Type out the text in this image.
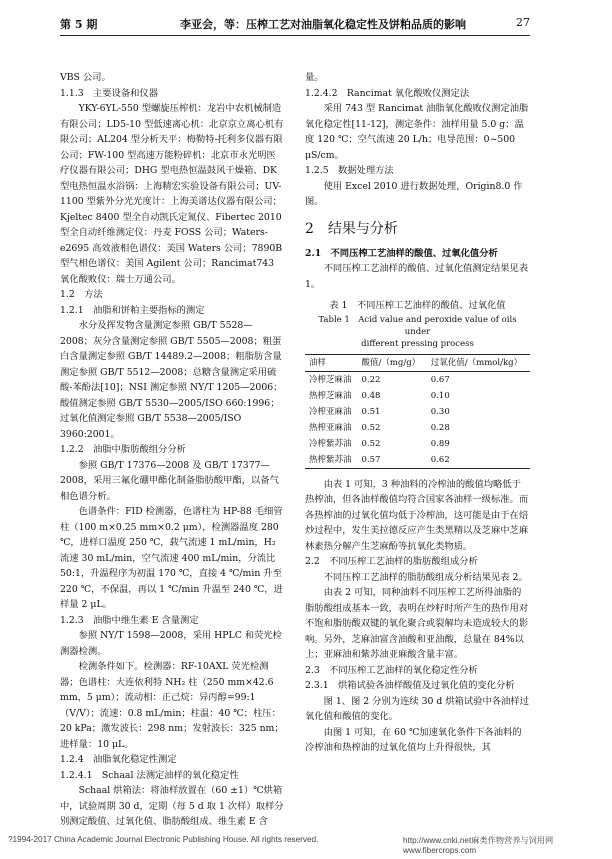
第 5 期	李亚会，等：压榨工艺对油脂氧化稳定性及饼粕品质的影响	27

VBS 公司。

1.1.3　主要设备和仪器

YKY-6YL-550 型螺旋压榨机：龙岩中农机械制造有限公司；LD5-10 型低速离心机：北京京立离心机有限公司；AL204 型分析天平：梅勒特-托利多仪器有限公司；FW-100 型高速万能粉碎机：北京市永光明医疗仪器有限公司；DHG 型电热恒温鼓风干燥箱、DK 型电热恒温水浴锅：上海精宏实验设备有限公司；UV-1100 型紫外分光光度计：上海美谱达仪器有限公司；Kjeltec 8400 型全自动凯氏定氮仪、Fibertec 2010 型全自动纤维测定仪：丹麦 FOSS 公司；Waters-e2695 高效液相色谱仪：美国 Waters 公司；7890B 型气相色谱仪：美国 Agilent 公司；Rancimat743 氧化酸败仪：瑞士万通公司。

1.2　方法

1.2.1　油脂和饼粕主要指标的测定

水分及挥发物含量测定参照 GB/T 5528—2008；灰分含量测定参照 GB/T 5505—2008；粗蛋白含量测定参照 GB/T 14489.2—2008；粗脂肪含量测定参照 GB/T 5512—2008；总糖含量测定采用硫酸-苯酚法[10]；NSI 测定参照 NY/T 1205—2006；酸值测定参照 GB/T 5530—2005/ISO 660:1996；过氧化值测定参照 GB/T 5538—2005/ISO 3960:2001。

1.2.2　油脂中脂肪酸组分分析

参照 GB/T 17376—2008 及 GB/T 17377—2008，采用三氟化硼甲酯化制备脂肪酸甲酯，以备气相色谱分析。

色谱条件：FID 检测器，色谱柱为 HP-88 毛细管柱（100 m×0.25 mm×0.2 μm），检测器温度 280 ℃，进样口温度 250 ℃，载气流速 1 mL/min，H₂ 流速 30 mL/min，空气流速 400 mL/min，分流比 50:1，升温程序为初温 170 ℃，直接 4 ℃/min 升至 220 ℃，不保温，再以 1 ℃/min 升温至 240 ℃，进样量 2 μL。

1.2.3　油脂中维生素 E 含量测定

参照 NY/T 1598—2008，采用 HPLC 和荧光检测器检测。

检测条件如下。检测器：RF-10AXL 荧光检测器；色谱柱：大连依利特 NH₂ 柱（250 mm×42.6 mm，5 μm）；流动相：正己烷：异丙醇=99:1（V/V）；流速：0.8 mL/min；柱温：40 ℃；柱压：20 kPa；激发波长：298 nm；发射波长：325 nm；进样量：10 μL。

1.2.4　油脂氧化稳定性测定

1.2.4.1　Schaal 法测定油样的氧化稳定性

Schaal 烘箱法：将油样放置在（60 ±1）℃烘箱中，试验周期 30 d，定期（每 5 d 取 1 次样）取样分别测定酸值、过氧化值、脂肪酸组成、维生素 E 含

量。

1.2.4.2　Rancimat 氧化酸败仪测定法

采用 743 型 Rancimat 油脂氧化酸败仪测定油脂氧化稳定性[11-12]，测定条件：油样用量 5.0 g；温度 120 ℃；空气流速 20 L/h；电导范围：0~500 μS/cm。

1.2.5　数据处理方法

使用 Excel 2010 进行数据处理，Origin8.0 作图。

2　结果与分析

2.1　不同压榨工艺油样的酸值、过氧化值分析

不同压榨工艺油样的酸值、过氧化值测定结果见表 1。

表 1　不同压榨工艺油样的酸值、过氧化值
Table 1　Acid value and peroxide value of oils under
different pressing process
油样	酸值/（mg/g）	过氧化值/（mmol/kg）
冷榨芝麻油	0.22	0.67
热榨芝麻油	0.48	0.10
冷榨亚麻油	0.51	0.30
热榨亚麻油	0.52	0.28
冷榨紫苏油	0.52	0.89
热榨紫苏油	0.57	0.62

由表 1 可知，3 种油料的冷榨油的酸值均略低于热榨油，但各油样酸值均符合国家各油样一级标准。而各热榨油的过氧化值均低于冷榨油，这可能是由于在焙炒过程中，发生美拉德反应产生类黑精以及芝麻中芝麻林素热分解产生芝麻酚等抗氧化类物质。

2.2　不同压榨工艺油样的脂肪酸组成分析

不同压榨工艺油样的脂肪酸组成分析结果见表 2。

由表 2 可知，同种油料不同压榨工艺所得油脂的脂肪酸组成基本一致，表明在炒籽时所产生的热作用对不饱和脂肪酸双键的氧化聚合或裂解均未造成较大的影响。另外，芝麻油富含油酸和亚油酸，总量在 84%以上；亚麻油和紫苏油亚麻酸含量丰富。

2.3　不同压榨工艺油样的氧化稳定性分析

2.3.1　烘箱试验各油样酸值及过氧化值的变化分析

图 1、图 2 分别为连续 30 d 烘箱试验中各油样过氧化值和酸值的变化。

由图 1 可知，在 60 ℃加速氧化条件下各油料的冷榨油和热榨油的过氧化值均上升得很快，其

?1994-2017 China Academic Journal Electronic Publishing House. All rights reserved.	http://www.cnki.net麻类作物营养与饲用网 www.fibercrops.com
